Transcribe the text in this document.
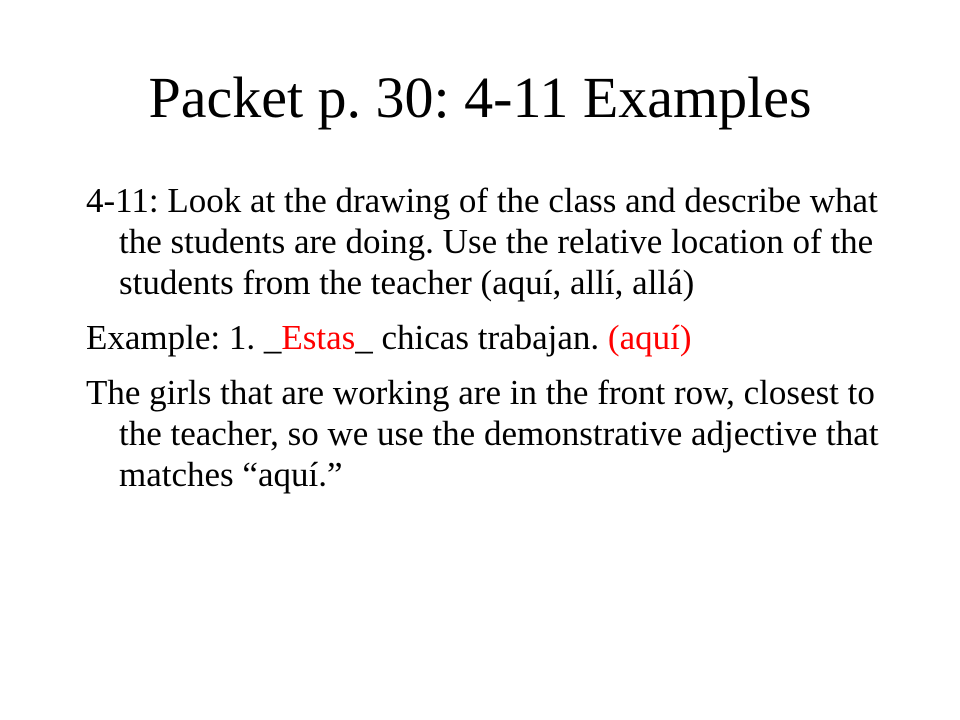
Packet p. 30: 4-11 Examples

4-11: Look at the drawing of the class and describe what the students are doing. Use the relative location of the students from the teacher (aquí, allí, allá)

Example: 1. _Estas_ chicas trabajan. (aquí)

The girls that are working are in the front row, closest to the teacher, so we use the demonstrative adjective that matches “aquí.”
